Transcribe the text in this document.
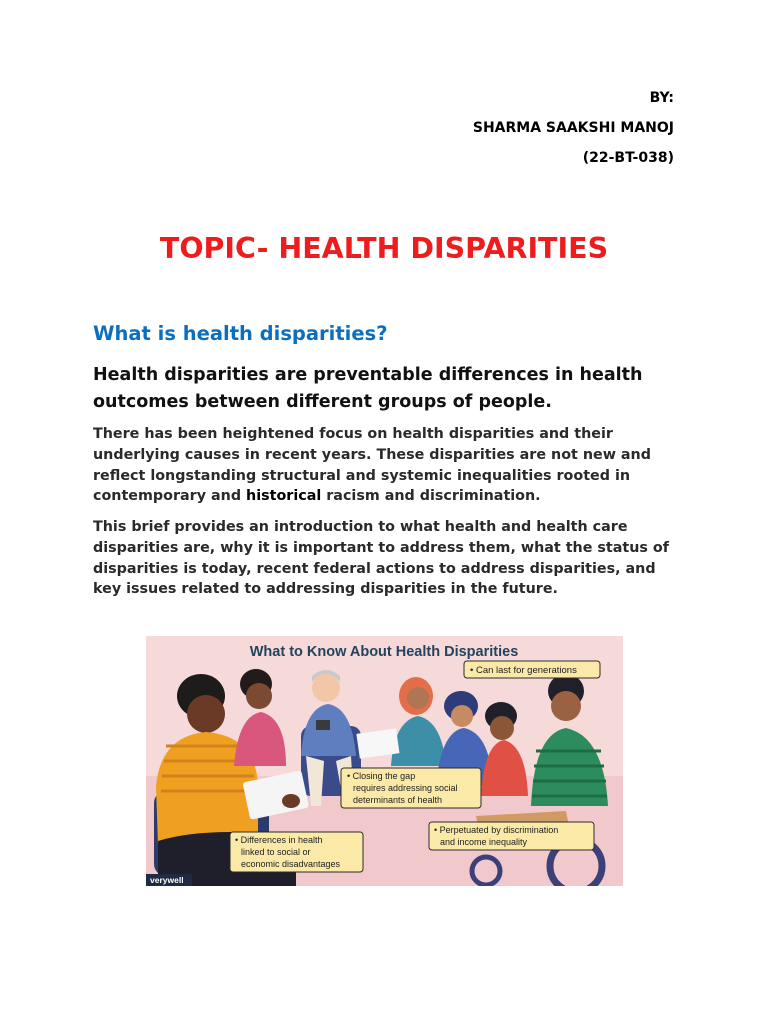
BY:
SHARMA SAAKSHI MANOJ
(22-BT-038)
TOPIC- HEALTH DISPARITIES
What is health disparities?
Health disparities are preventable differences in health outcomes between different groups of people.
There has been heightened focus on health disparities and their underlying causes in recent years. These disparities are not new and reflect longstanding structural and systemic inequalities rooted in contemporary and historical racism and discrimination.
This brief provides an introduction to what health and health care disparities are, why it is important to address them, what the status of disparities is today, recent federal actions to address disparities, and key issues related to addressing disparities in the future.
What to Know About Health Disparities
• Can last for generations
• Closing the gap
requires addressing social
determinants of health
• Perpetuated by discrimination
and income inequality
• Differences in health
linked to social or
economic disadvantages
verywell
